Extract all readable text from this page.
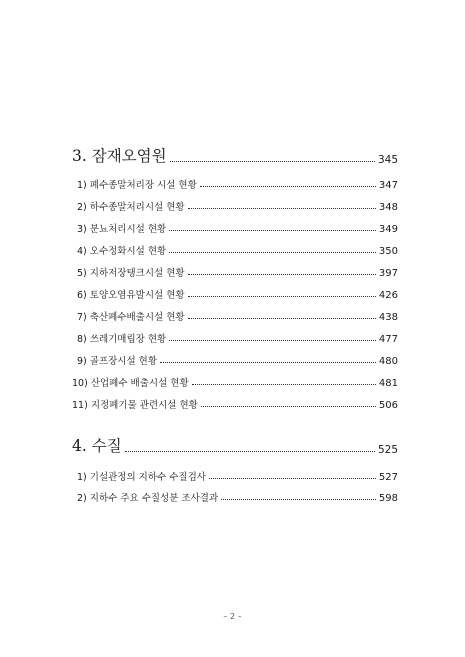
3. 잠재오염원	345
1) 폐수종말처리장 시설 현황	347
2) 하수종말처리시설 현황	348
3) 분뇨처리시설 현황	349
4) 오수정화시설 현황	350
5) 지하저장탱크시설 현황	397
6) 토양오염유발시설 현황	426
7) 축산폐수배출시설 현황	438
8) 쓰레기매립장 현황	477
9) 골프장시설 현황	480
10) 산업폐수 배출시설 현황	481
11) 지정폐기물 관련시설 현황	506
4. 수질	525
1) 기설관정의 지하수 수질검사	527
2) 지하수 주요 수질성분 조사결과	598
– 2 –
